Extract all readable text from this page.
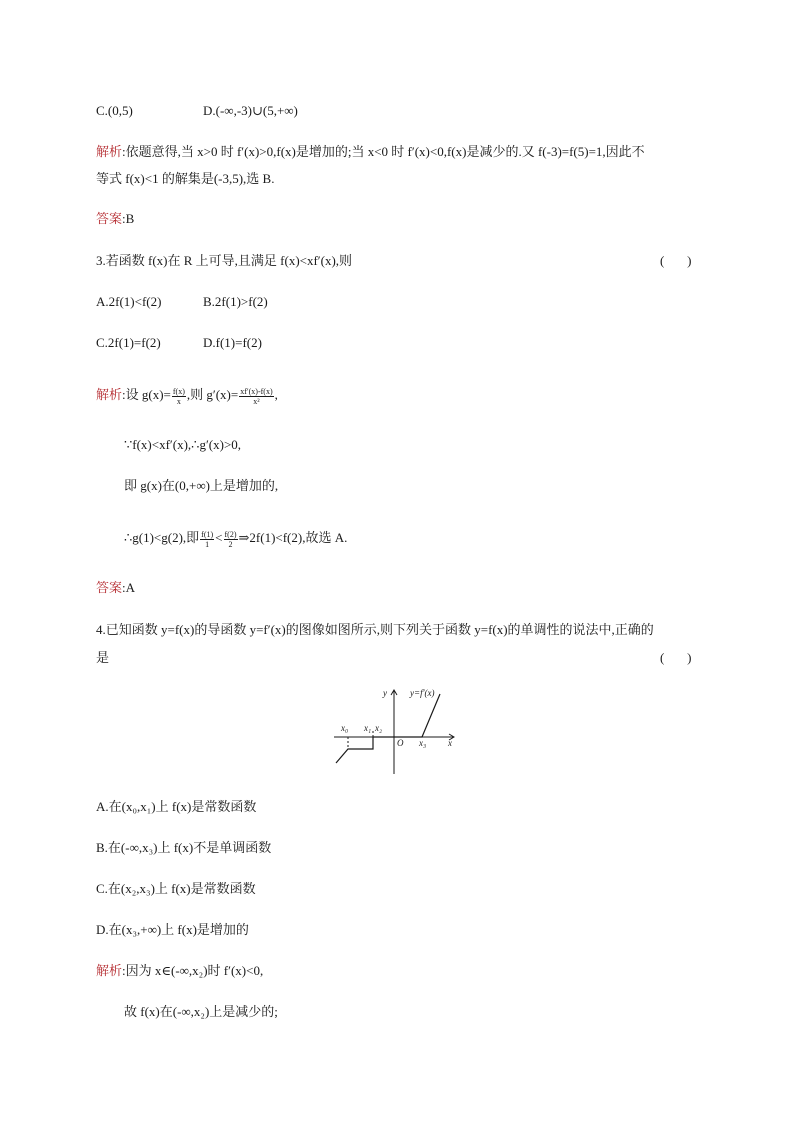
C.(0,5)	D.(-∞,-3)∪(5,+∞)
解析:依题意得,当 x>0 时 f′(x)>0,f(x)是增加的;当 x<0 时 f′(x)<0,f(x)是减少的.又 f(-3)=f(5)=1,因此不
等式 f(x)<1 的解集是(-3,5),选 B.
答案:B
3.若函数 f(x)在 R 上可导,且满足 f(x)<xf′(x),则	(       )
A.2f(1)<f(2)	B.2f(1)>f(2)
C.2f(1)=f(2)	D.f(1)=f(2)
解析:设 $g(x)= \frac{f(x)}{x}$ ,则 $g'(x)= \frac{xf'(x)-f(x)}{\text{x²}}$ ,
∵f(x)<xf′(x),∴g′(x)>0,
即 g(x)在(0,+∞)上是增加的,
∴g(1)<g(2),即 $\frac{f(1)}{1} < \frac{f(2)}{2}$ ⇒2f(1)<f(2),故选 A.
答案:A
4.已知函数 y=f(x)的导函数 y=f′(x)的图像如图所示,则下列关于函数 y=f(x)的单调性的说法中,正确的
是	(       )
y	y=f′(x)
x₀ x₁ x₂
O x₃ x
A.在(x₀,x₁)上 f(x)是常数函数
B.在(-∞,x₃)上 f(x)不是单调函数
C.在(x₂,x₃)上 f(x)是常数函数
D.在(x₃,+∞)上 f(x)是增加的
解析:因为 x∈(-∞,x₂)时 f′(x)<0,
故 f(x)在(-∞,x₂)上是减少的;
